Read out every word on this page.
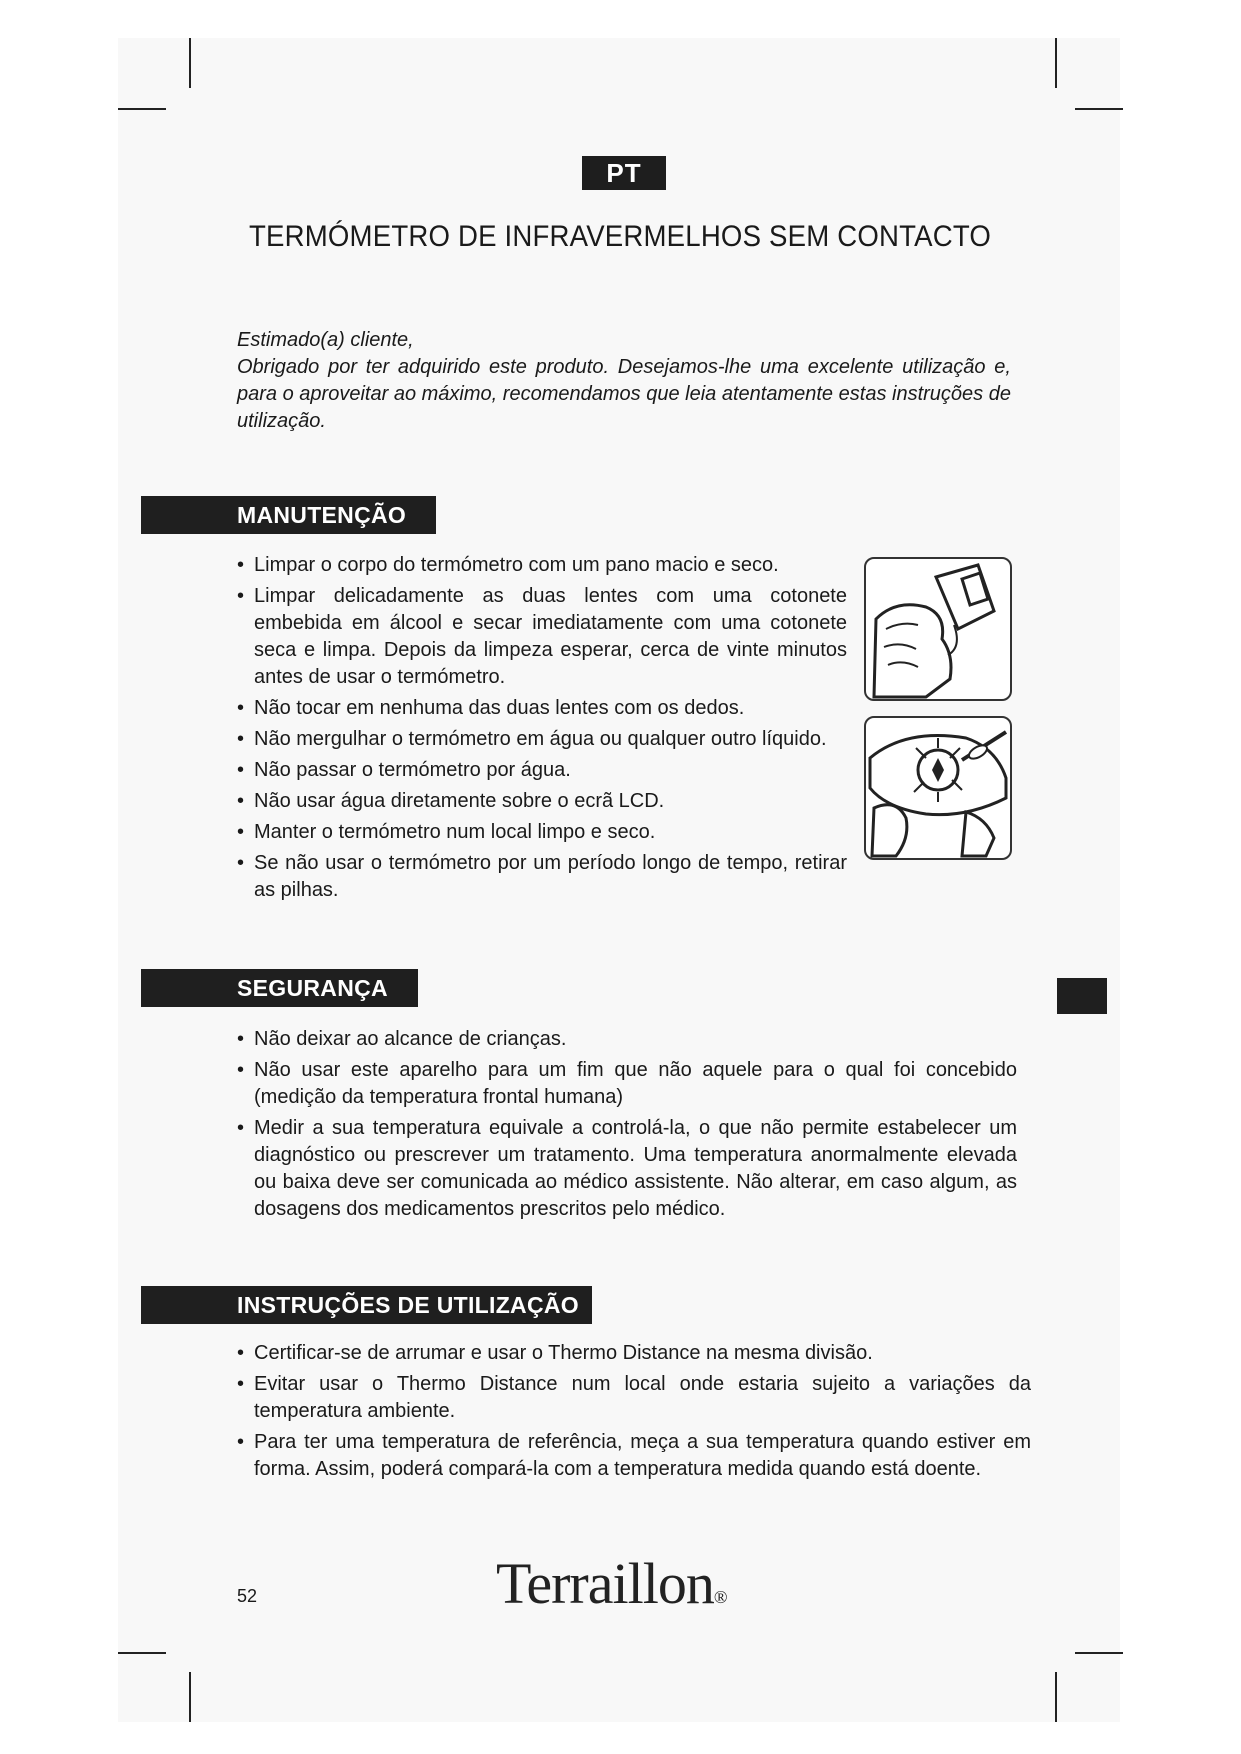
PT
TERMÓMETRO DE INFRAVERMELHOS SEM CONTACTO

Estimado(a) cliente,

Obrigado por ter adquirido este produto. Desejamos-lhe uma excelente utilização e, para o aproveitar ao máximo, recomendamos que leia atentamente estas instruções de utilização.

MANUTENÇÃO
• Limpar o corpo do termómetro com um pano macio e seco.
• Limpar delicadamente as duas lentes com uma cotonete embebida em álcool e secar imediatamente com uma cotonete seca e limpa. Depois da limpeza esperar, cerca de vinte minutos antes de usar o termómetro.
• Não tocar em nenhuma das duas lentes com os dedos.
• Não mergulhar o termómetro em água ou qualquer outro líquido.
• Não passar o termómetro por água.
• Não usar água diretamente sobre o ecrã LCD.
• Manter o termómetro num local limpo e seco.
• Se não usar o termómetro por um período longo de tempo, retirar as pilhas.
SEGURANÇA
• Não deixar ao alcance de crianças.
• Não usar este aparelho para um fim que não aquele para o qual foi concebido (medição da temperatura frontal humana)
• Medir a sua temperatura equivale a controlá-la, o que não permite estabelecer um diagnóstico ou prescrever um tratamento. Uma temperatura anormalmente elevada ou baixa deve ser comunicada ao médico assistente. Não alterar, em caso algum, as dosagens dos medicamentos prescritos pelo médico.
INSTRUÇÕES DE UTILIZAÇÃO
• Certificar-se de arrumar e usar o Thermo Distance na mesma divisão.
• Evitar usar o Thermo Distance num local onde estaria sujeito a variações da temperatura ambiente.
• Para ter uma temperatura de referência, meça a sua temperatura quando estiver em forma. Assim, poderá compará-la com a temperatura medida quando está doente.
52	Terraillon®
